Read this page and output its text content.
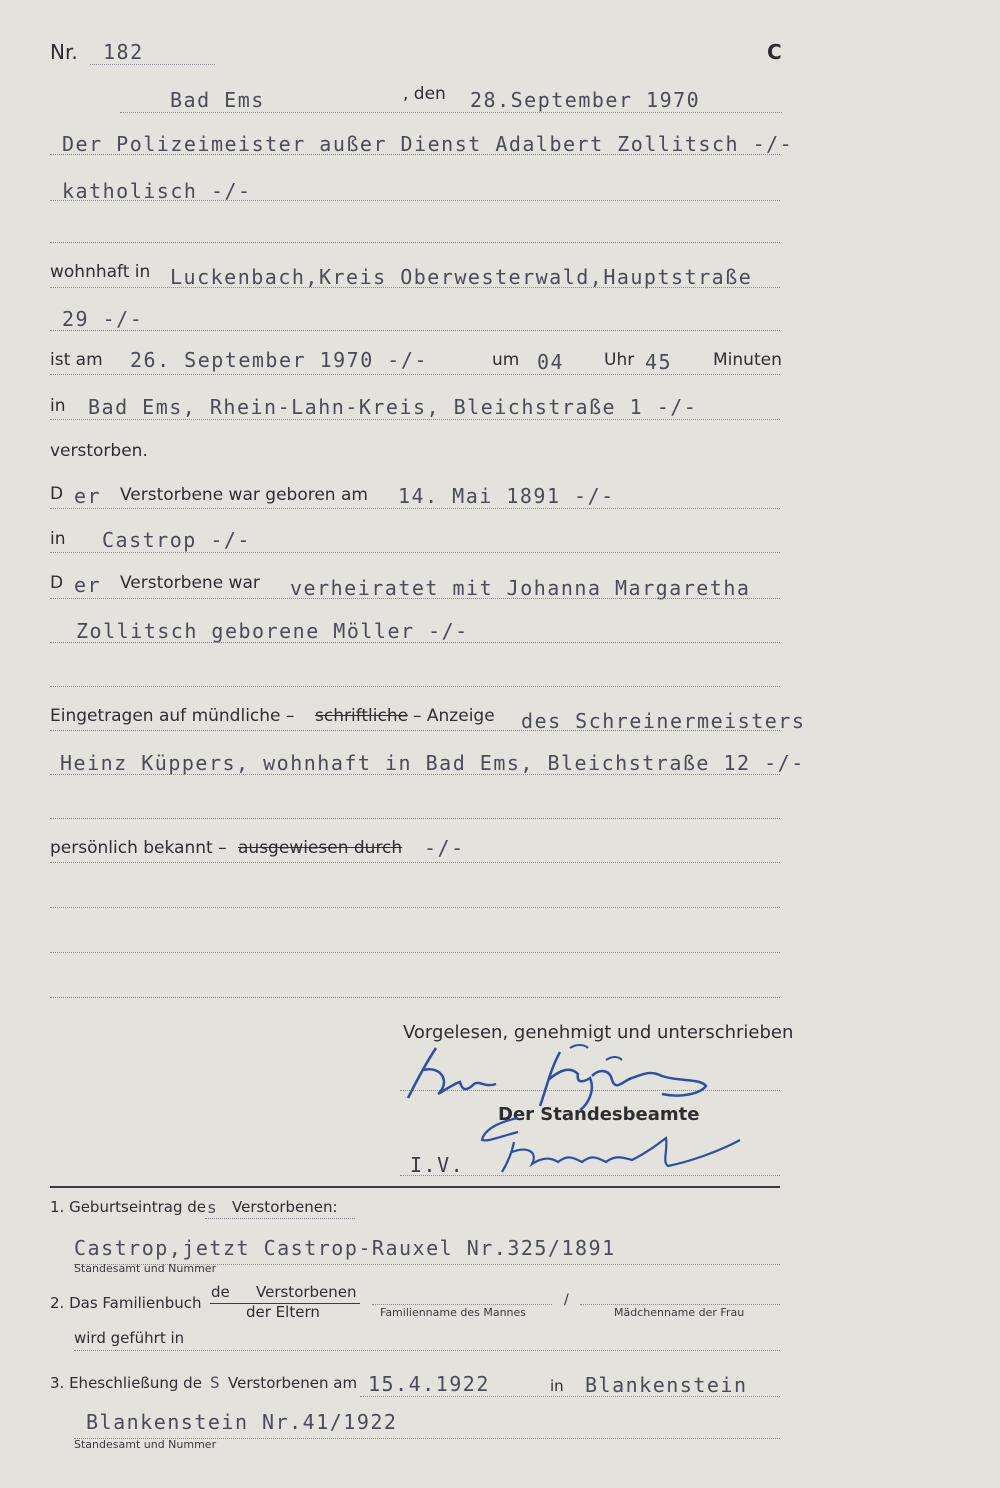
Nr. 182	C
Bad Ems	, den 28.September 1970
Der Polizeimeister außer Dienst Adalbert Zollitsch -/-
katholisch -/-
wohnhaft in Luckenbach,Kreis Oberwesterwald,Hauptstraße
29 -/-
ist am 26. September 1970 -/-	um 04 Uhr 45 Minuten
in Bad Ems, Rhein-Lahn-Kreis, Bleichstraße 1 -/-
verstorben.
D er Verstorbene war geboren am 14. Mai 1891 -/-
in Castrop -/-
D er Verstorbene war verheiratet mit Johanna Margaretha
Zollitsch geborene Möller -/-
Eingetragen auf mündliche – schriftliche – Anzeige des Schreinermeisters
Heinz Küppers, wohnhaft in Bad Ems, Bleichstraße 12 -/-
persönlich bekannt – ausgewiesen durch -/-
Vorgelesen, genehmigt und unterschrieben
Der Standesbeamte
I.V.
1. Geburtseintrag de s Verstorbenen:
Castrop,jetzt Castrop-Rauxel Nr.325/1891
Standesamt und Nummer
2. Das Familienbuch
de Verstorbenen
der Eltern	Familienname des Mannes
/
Mädchenname der Frau
wird geführt in
3. Eheschließung de S Verstorbenen am 15.4.1922	in Blankenstein
Blankenstein Nr.41/1922
Standesamt und Nummer
